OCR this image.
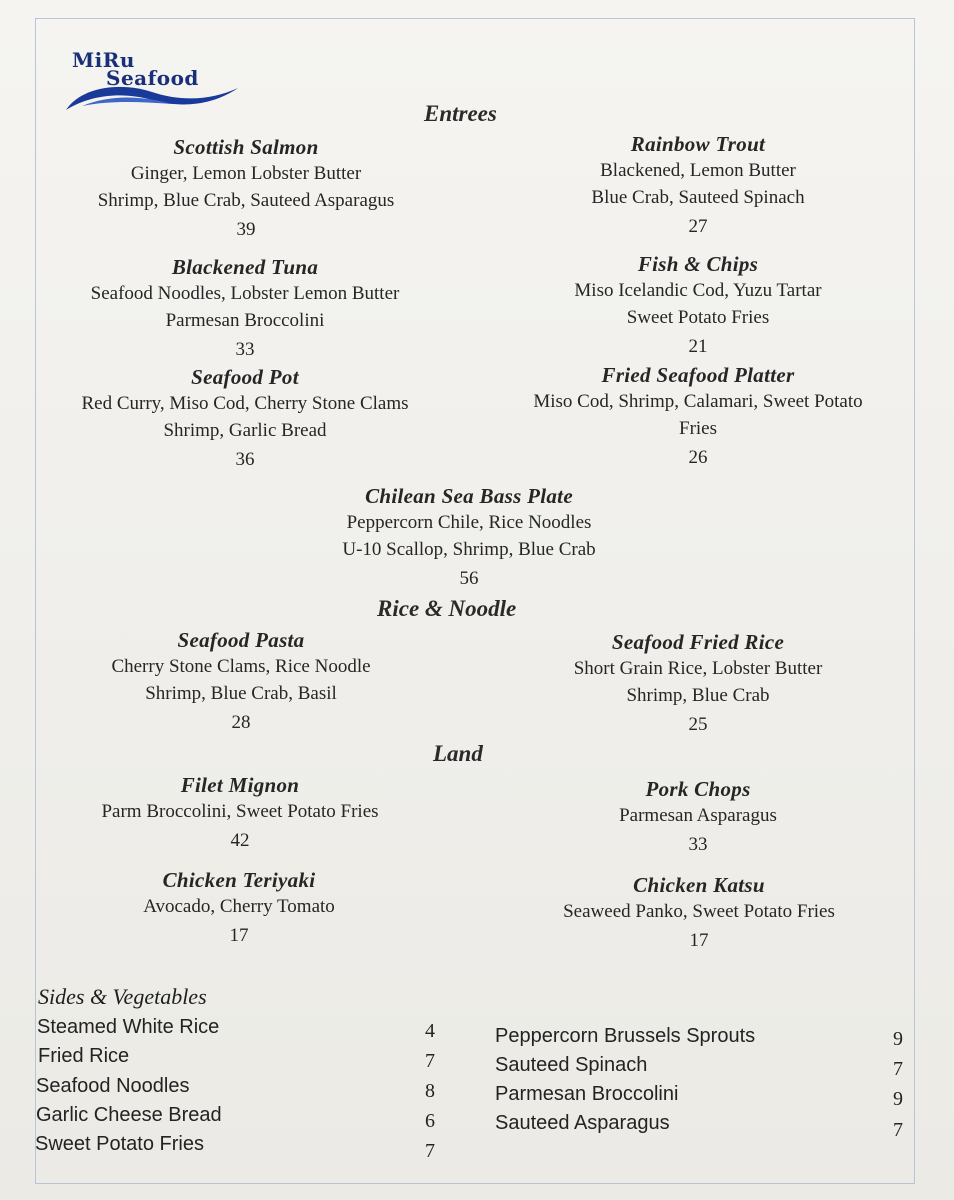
MiRu
Seafood
Entrees
Scottish Salmon
Ginger, Lemon Lobster Butter
Shrimp, Blue Crab, Sauteed Asparagus
39
Rainbow Trout
Blackened, Lemon Butter
Blue Crab, Sauteed Spinach
27
Blackened Tuna
Seafood Noodles, Lobster Lemon Butter
Parmesan Broccolini
33
Fish & Chips
Miso Icelandic Cod, Yuzu Tartar
Sweet Potato Fries
21
Seafood Pot
Red Curry, Miso Cod, Cherry Stone Clams
Shrimp, Garlic Bread
36
Fried Seafood Platter
Miso Cod, Shrimp, Calamari, Sweet Potato
Fries
26
Chilean Sea Bass Plate
Peppercorn Chile, Rice Noodles
U-10 Scallop, Shrimp, Blue Crab
56
Rice & Noodle
Seafood Pasta
Cherry Stone Clams, Rice Noodle
Shrimp, Blue Crab, Basil
28
Seafood Fried Rice
Short Grain Rice, Lobster Butter
Shrimp, Blue Crab
25
Land
Filet Mignon
Parm Broccolini, Sweet Potato Fries
42
Pork Chops
Parmesan Asparagus
33
Chicken Teriyaki
Avocado, Cherry Tomato
17
Chicken Katsu
Seaweed Panko, Sweet Potato Fries
17
Sides & Vegetables
Steamed White Rice	4
Fried Rice	7
Seafood Noodles	8
Garlic Cheese Bread	6
Sweet Potato Fries	7
Peppercorn Brussels Sprouts	9
Sauteed Spinach	7
Parmesan Broccolini	9
Sauteed Asparagus	7
